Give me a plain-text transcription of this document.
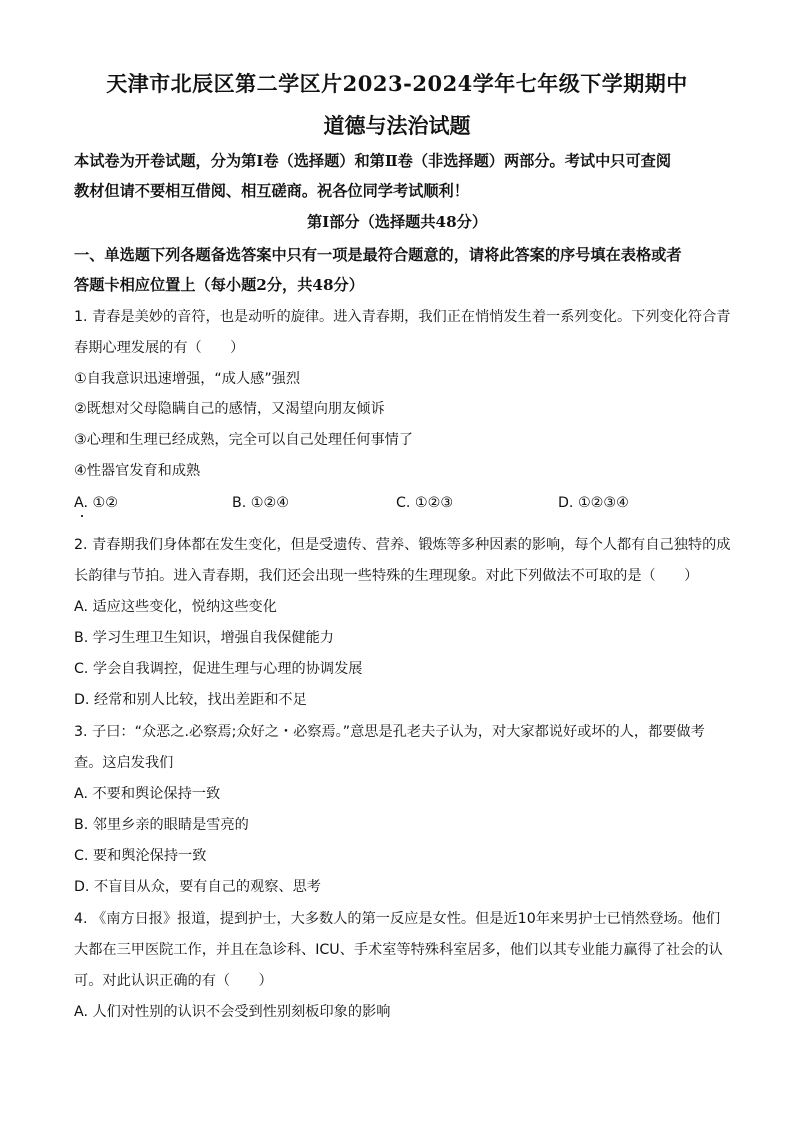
天津市北辰区第二学区片2023-2024学年七年级下学期期中
道德与法治试题
本试卷为开卷试题，分为第Ⅰ卷（选择题）和第Ⅱ卷（非选择题）两部分。考试中只可查阅
教材但请不要相互借阅、相互磋商。祝各位同学考试顺利！
第Ⅰ部分（选择题共48分）
一、单选题下列各题备选答案中只有一项是最符合题意的，请将此答案的序号填在表格或者
答题卡相应位置上（每小题2分，共48分）
1. 青春是美妙的音符，也是动听的旋律。进入青春期，我们正在悄悄发生着一系列变化。下列变化符合青
春期心理发展的有（　　）
①自我意识迅速增强，“成人感”强烈
②既想对父母隐瞒自己的感情，又渴望向朋友倾诉
③心理和生理已经成熟，完全可以自己处理任何事情了
④性器官发育和成熟
A. ①②	B. ①②④	C. ①②③	D. ①②③④
2. 青春期我们身体都在发生变化，但是受遗传、营养、锻炼等多种因素的影响，每个人都有自己独特的成
长韵律与节拍。进入青春期，我们还会出现一些特殊的生理现象。对此下列做法不可取的是（　　）
A. 适应这些变化，悦纳这些变化
B. 学习生理卫生知识，增强自我保健能力
C. 学会自我调控，促进生理与心理的协调发展
D. 经常和别人比较，找出差距和不足
3. 子曰：“众恶之.必察焉;众好之・必察焉。”意思是孔老夫子认为，对大家都说好或坏的人，都要做考
查。这启发我们
A. 不要和舆论保持一致
B. 邻里乡亲的眼睛是雪亮的
C. 要和舆沦保持一致
D. 不盲目从众，要有自己的观察、思考
4. 《南方日报》报道，提到护士，大多数人的第一反应是女性。但是近10年来男护士已悄然登场。他们
大都在三甲医院工作，并且在急诊科、ICU、手术室等特殊科室居多，他们以其专业能力赢得了社会的认
可。对此认识正确的有（　　）
A. 人们对性别的认识不会受到性别刻板印象的影响
